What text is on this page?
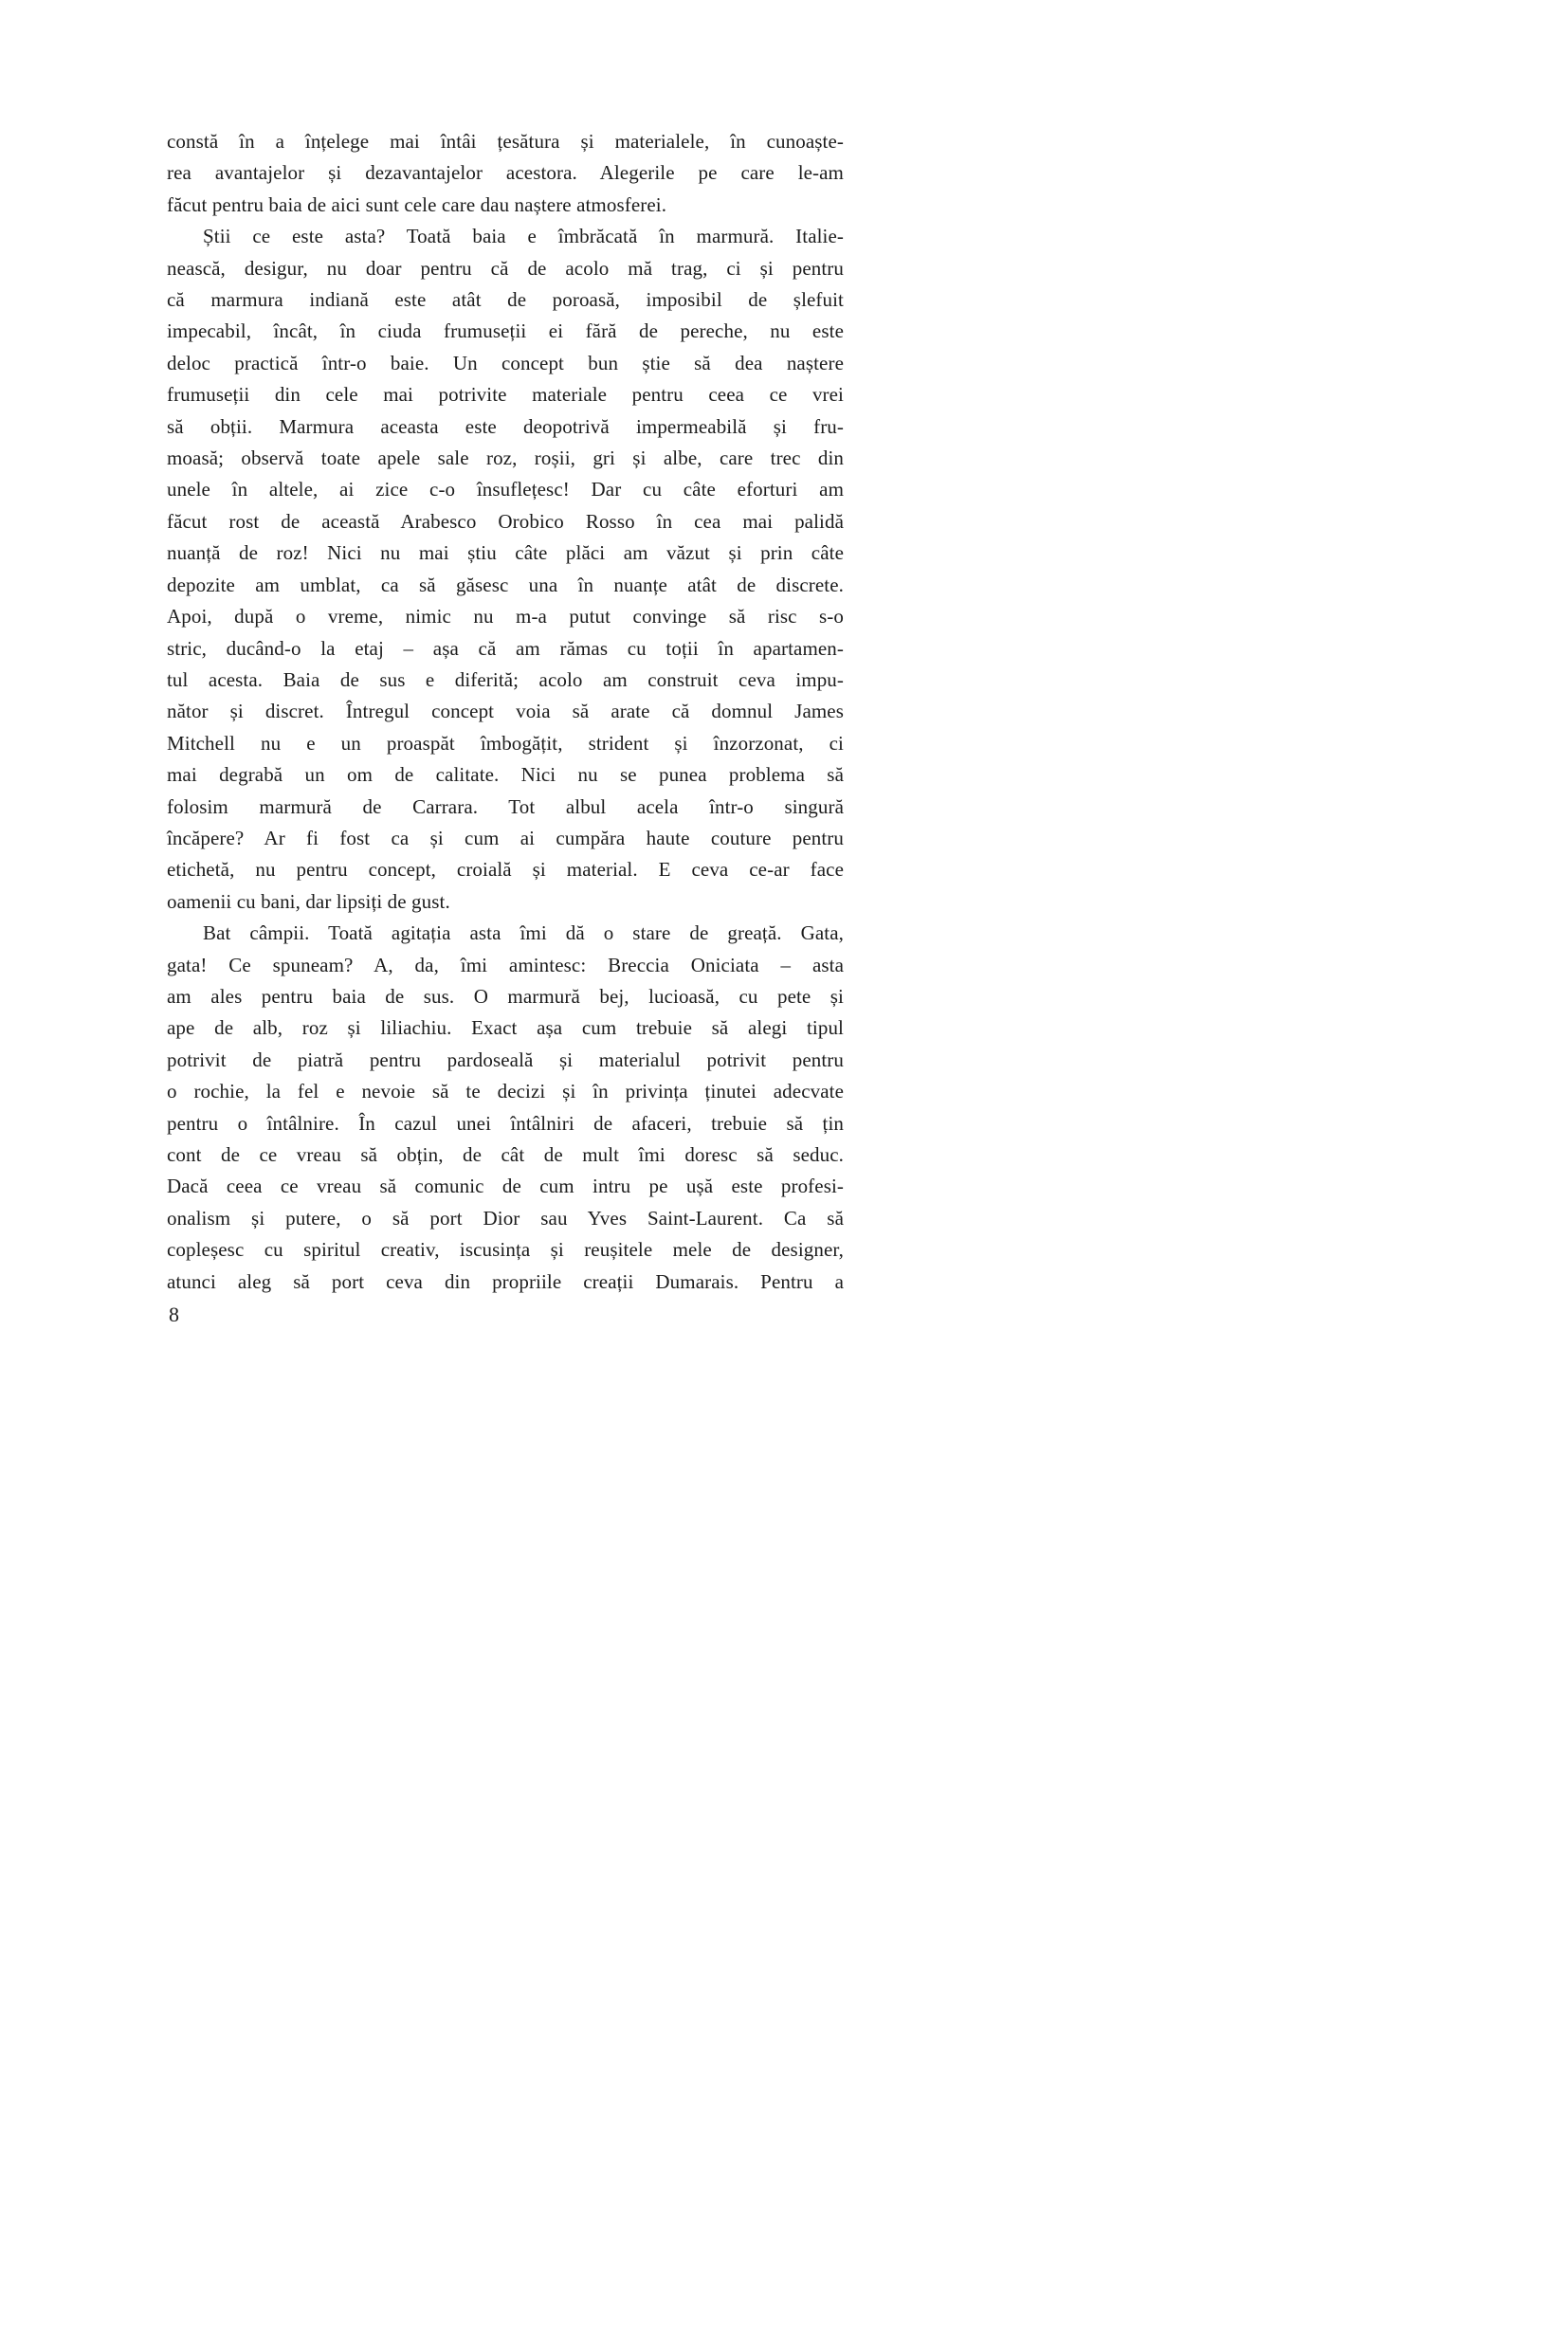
constă în a înțelege mai întâi țesătura și materialele, în cunoaște-
rea avantajelor și dezavantajelor acestora. Alegerile pe care le-am
făcut pentru baia de aici sunt cele care dau naștere atmosferei.
Știi ce este asta? Toată baia e îmbrăcată în marmură. Italie-
nească, desigur, nu doar pentru că de acolo mă trag, ci și pentru
că marmura indiană este atât de poroasă, imposibil de șlefuit
impecabil, încât, în ciuda frumuseții ei fără de pereche, nu este
deloc practică într-o baie. Un concept bun știe să dea naștere
frumuseții din cele mai potrivite materiale pentru ceea ce vrei
să obții. Marmura aceasta este deopotrivă impermeabilă și fru-
moasă; observă toate apele sale roz, roșii, gri și albe, care trec din
unele în altele, ai zice c-o însuflețesc! Dar cu câte eforturi am
făcut rost de această Arabesco Orobico Rosso în cea mai palidă
nuanță de roz! Nici nu mai știu câte plăci am văzut și prin câte
depozite am umblat, ca să găsesc una în nuanțe atât de discrete.
Apoi, după o vreme, nimic nu m-a putut convinge să risc s-o
stric, ducând-o la etaj – așa că am rămas cu toții în apartamen-
tul acesta. Baia de sus e diferită; acolo am construit ceva impu-
nător și discret. Întregul concept voia să arate că domnul James
Mitchell nu e un proaspăt îmbogățit, strident și înzorzonat, ci
mai degrabă un om de calitate. Nici nu se punea problema să
folosim marmură de Carrara. Tot albul acela într-o singură
încăpere? Ar fi fost ca și cum ai cumpăra haute couture pentru
etichetă, nu pentru concept, croială și material. E ceva ce-ar face
oamenii cu bani, dar lipsiți de gust.
Bat câmpii. Toată agitația asta îmi dă o stare de greață. Gata,
gata! Ce spuneam? A, da, îmi amintesc: Breccia Oniciata – asta
am ales pentru baia de sus. O marmură bej, lucioasă, cu pete și
ape de alb, roz și liliachiu. Exact așa cum trebuie să alegi tipul
potrivit de piatră pentru pardoseală și materialul potrivit pentru
o rochie, la fel e nevoie să te decizi și în privința ținutei adecvate
pentru o întâlnire. În cazul unei întâlniri de afaceri, trebuie să țin
cont de ce vreau să obțin, de cât de mult îmi doresc să seduc.
Dacă ceea ce vreau să comunic de cum intru pe ușă este profesi-
onalism și putere, o să port Dior sau Yves Saint-Laurent. Ca să
copleșesc cu spiritul creativ, iscusința și reușitele mele de designer,
atunci aleg să port ceva din propriile creații Dumarais. Pentru a
8
